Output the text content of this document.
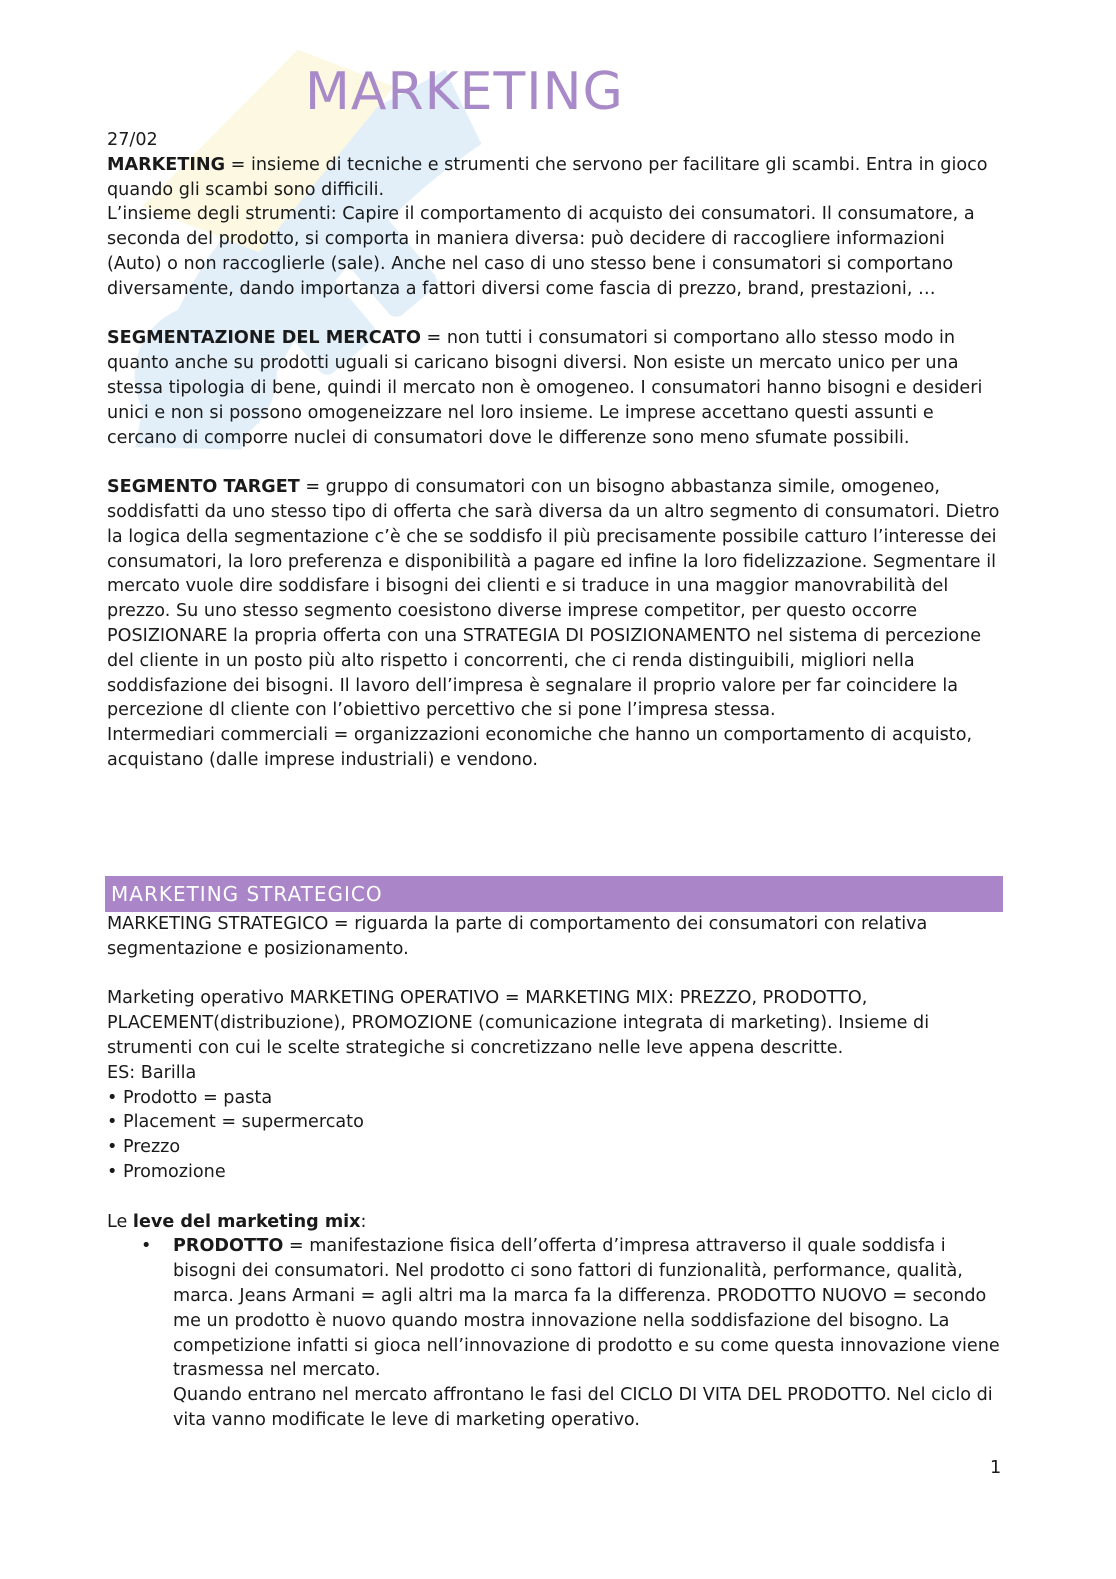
MARKETING

27/02

MARKETING = insieme di tecniche e strumenti che servono per facilitare gli scambi. Entra in gioco quando gli scambi sono difficili.

L’insieme degli strumenti: Capire il comportamento di acquisto dei consumatori. Il consumatore, a seconda del prodotto, si comporta in maniera diversa: può decidere di raccogliere informazioni (Auto) o non raccoglierle (sale). Anche nel caso di uno stesso bene i consumatori si comportano diversamente, dando importanza a fattori diversi come fascia di prezzo, brand, prestazioni, …

SEGMENTAZIONE DEL MERCATO = non tutti i consumatori si comportano allo stesso modo in quanto anche su prodotti uguali si caricano bisogni diversi. Non esiste un mercato unico per una stessa tipologia di bene, quindi il mercato non è omogeneo. I consumatori hanno bisogni e desideri unici e non si possono omogeneizzare nel loro insieme. Le imprese accettano questi assunti e cercano di comporre nuclei di consumatori dove le differenze sono meno sfumate possibili.

SEGMENTO TARGET = gruppo di consumatori con un bisogno abbastanza simile, omogeneo, soddisfatti da uno stesso tipo di offerta che sarà diversa da un altro segmento di consumatori. Dietro la logica della segmentazione c’è che se soddisfo il più precisamente possibile catturo l’interesse dei consumatori, la loro preferenza e disponibilità a pagare ed infine la loro fidelizzazione. Segmentare il mercato vuole dire soddisfare i bisogni dei clienti e si traduce in una maggior manovrabilità del prezzo. Su uno stesso segmento coesistono diverse imprese competitor, per questo occorre POSIZIONARE la propria offerta con una STRATEGIA DI POSIZIONAMENTO nel sistema di percezione del cliente in un posto più alto rispetto i concorrenti, che ci renda distinguibili, migliori nella soddisfazione dei bisogni. Il lavoro dell’impresa è segnalare il proprio valore per far coincidere la percezione dl cliente con l’obiettivo percettivo che si pone l’impresa stessa.

Intermediari commerciali = organizzazioni economiche che hanno un comportamento di acquisto, acquistano (dalle imprese industriali) e vendono.

MARKETING STRATEGICO

MARKETING STRATEGICO = riguarda la parte di comportamento dei consumatori con relativa segmentazione e posizionamento.

Marketing operativo MARKETING OPERATIVO = MARKETING MIX: PREZZO, PRODOTTO, PLACEMENT(distribuzione), PROMOZIONE (comunicazione integrata di marketing). Insieme di strumenti con cui le scelte strategiche si concretizzano nelle leve appena descritte.

ES: Barilla

• Prodotto = pasta

• Placement = supermercato

• Prezzo

• Promozione

Le leve del marketing mix:

• PRODOTTO = manifestazione fisica dell’offerta d’impresa attraverso il quale soddisfa i bisogni dei consumatori. Nel prodotto ci sono fattori di funzionalità, performance, qualità, marca. Jeans Armani = agli altri ma la marca fa la differenza. PRODOTTO NUOVO = secondo me un prodotto è nuovo quando mostra innovazione nella soddisfazione del bisogno. La competizione infatti si gioca nell’innovazione di prodotto e su come questa innovazione viene trasmessa nel mercato.

Quando entrano nel mercato affrontano le fasi del CICLO DI VITA DEL PRODOTTO. Nel ciclo di vita vanno modificate le leve di marketing operativo.

1
